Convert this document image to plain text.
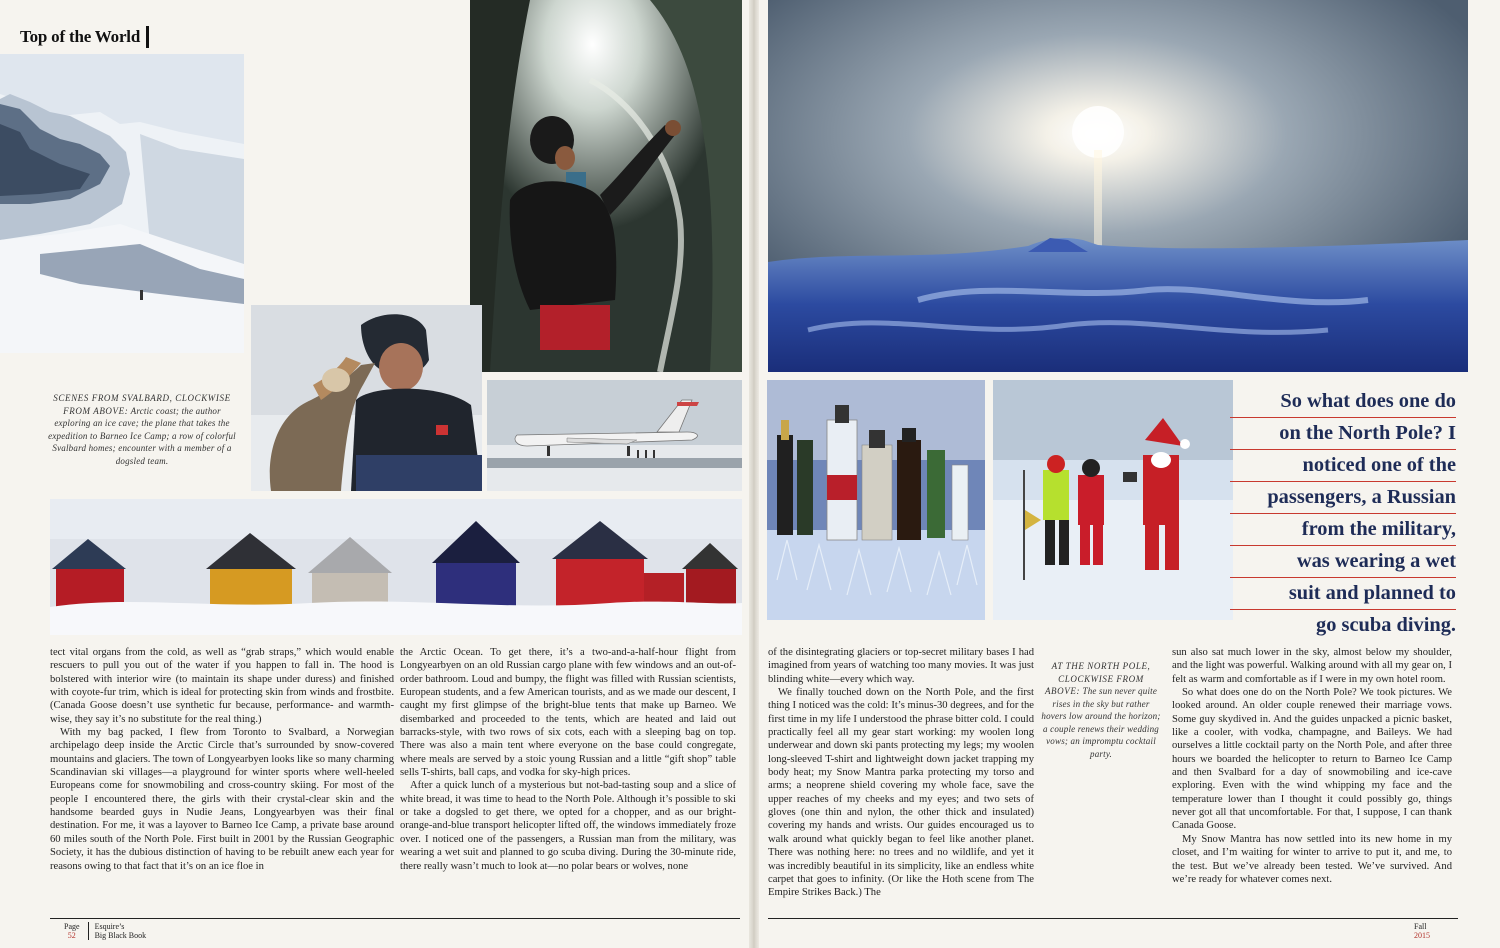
Top of the World
SCENES FROM SVALBARD, CLOCKWISE FROM ABOVE: Arctic coast; the author exploring an ice cave; the plane that takes the expedition to Barneo Ice Camp; a row of colorful Svalbard homes; encounter with a member of a dogsled team.

tect vital organs from the cold, as well as “grab straps,” which would enable rescuers to pull you out of the water if you happen to fall in. The hood is bolstered with interior wire (to maintain its shape under duress) and finished with coyote-fur trim, which is ideal for protecting skin from winds and frostbite. (Canada Goose doesn’t use synthetic fur because, performance- and warmth-wise, they say it’s no substitute for the real thing.)

With my bag packed, I flew from Toronto to Svalbard, a Norwegian archipelago deep inside the Arctic Circle that’s surrounded by snow-covered mountains and glaciers. The town of Longyearbyen looks like so many charming Scandinavian ski villages—a playground for winter sports where well-heeled Europeans come for snowmobiling and cross-country skiing. For most of the people I encountered there, the girls with their crystal-clear skin and the handsome bearded guys in Nudie Jeans, Longyearbyen was their final destination. For me, it was a layover to Barneo Ice Camp, a private base around 60 miles south of the North Pole. First built in 2001 by the Russian Geographic Society, it has the dubious distinction of having to be rebuilt anew each year for reasons owing to that fact that it’s on an ice floe in

the Arctic Ocean. To get there, it’s a two-and-a-half-hour flight from Longyearbyen on an old Russian cargo plane with few windows and an out-of-order bathroom. Loud and bumpy, the flight was filled with Russian scientists, European students, and a few American tourists, and as we made our descent, I caught my first glimpse of the bright-blue tents that make up Barneo. We disembarked and proceeded to the tents, which are heated and laid out barracks-style, with two rows of six cots, each with a sleeping bag on top. There was also a main tent where everyone on the base could congregate, where meals are served by a stoic young Russian and a little “gift shop” table sells T-shirts, ball caps, and vodka for sky-high prices.

After a quick lunch of a mysterious but not-bad-tasting soup and a slice of white bread, it was time to head to the North Pole. Although it’s possible to ski or take a dogsled to get there, we opted for a chopper, and as our bright-orange-and-blue transport helicopter lifted off, the windows immediately froze over. I noticed one of the passengers, a Russian man from the military, was wearing a wet suit and planned to go scuba diving. During the 30-minute ride, there really wasn’t much to look at—no polar bears or wolves, none

Page
52
Esquire’s
Big Black Book
So what does one do
on the North Pole? I
noticed one of the
passengers, a Russian
from the military,
was wearing a wet
suit and planned to
go scuba diving.

of the disintegrating glaciers or top-secret military bases I had imagined from years of watching too many movies. It was just blinding white—every which way.

We finally touched down on the North Pole, and the first thing I noticed was the cold: It’s minus-30 degrees, and for the first time in my life I understood the phrase bitter cold. I could practically feel all my gear start working: my woolen long underwear and down ski pants protecting my legs; my woolen long-sleeved T-shirt and lightweight down jacket trapping my body heat; my Snow Mantra parka protecting my torso and arms; a neoprene shield covering my whole face, save the upper reaches of my cheeks and my eyes; and two sets of gloves (one thin and nylon, the other thick and insulated) covering my hands and wrists. Our guides encouraged us to walk around what quickly began to feel like another planet. There was nothing here: no trees and no wildlife, and yet it was incredibly beautiful in its simplicity, like an endless white carpet that goes to infinity. (Or like the Hoth scene from The Empire Strikes Back.) The

AT THE NORTH POLE, CLOCKWISE FROM ABOVE: The sun never quite rises in the sky but rather hovers low around the horizon; a couple renews their wedding vows; an impromptu cocktail party.

sun also sat much lower in the sky, almost below my shoulder, and the light was powerful. Walking around with all my gear on, I felt as warm and comfortable as if I were in my own hotel room.

So what does one do on the North Pole? We took pictures. We looked around. An older couple renewed their marriage vows. Some guy skydived in. And the guides unpacked a picnic basket, like a cooler, with vodka, champagne, and Baileys. We had ourselves a little cocktail party on the North Pole, and after three hours we boarded the helicopter to return to Barneo Ice Camp and then Svalbard for a day of snowmobiling and ice-cave exploring. Even with the wind whipping my face and the temperature lower than I thought it could possibly go, things never got all that uncomfortable. For that, I suppose, I can thank Canada Goose.

My Snow Mantra has now settled into its new home in my closet, and I’m waiting for winter to arrive to put it, and me, to the test. But we’ve already been tested. We’ve survived. And we’re ready for whatever comes next.

Fall
2015
